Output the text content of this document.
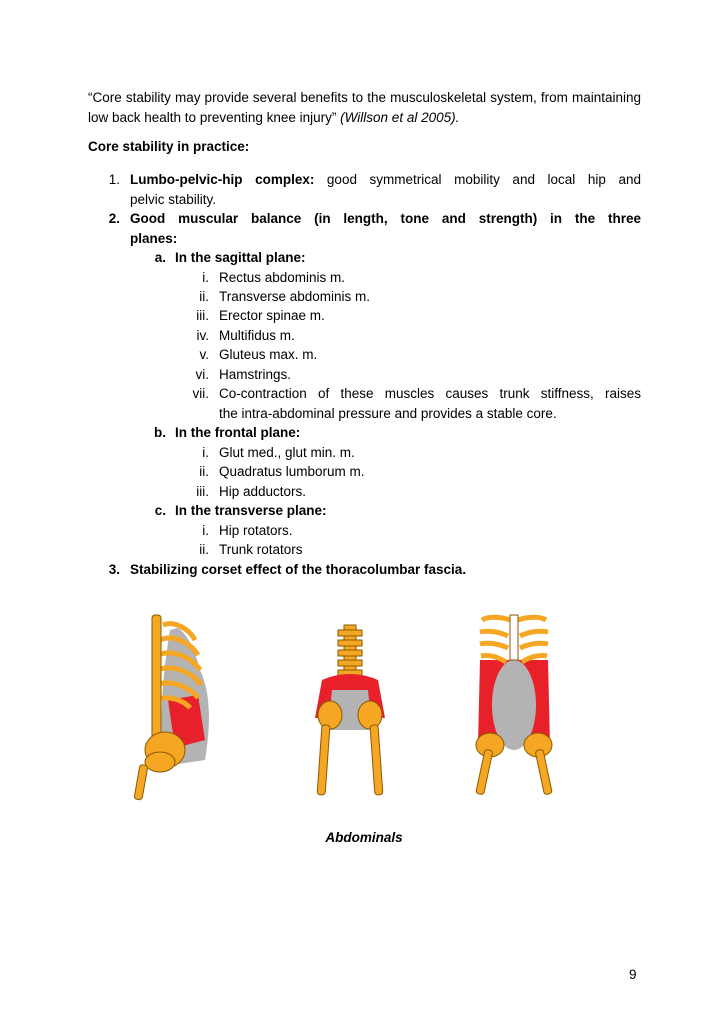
“Core stability may provide several benefits to the musculoskeletal system, from maintaining low back health to preventing knee injury” (Willson et al 2005).

Core stability in practice:
1. Lumbo-pelvic-hip complex: good symmetrical mobility and local hip and
pelvic stability.
2. Good muscular balance (in length, tone and strength) in the three
planes:
a. In the sagittal plane:
i. Rectus abdominis m.
ii. Transverse abdominis m.
iii. Erector spinae m.
iv. Multifidus m.
v. Gluteus max. m.
vi. Hamstrings.
vii. Co-contraction of these muscles causes trunk stiffness, raises
the intra-abdominal pressure and provides a stable core.
b. In the frontal plane:
i. Glut med., glut min. m.
ii. Quadratus lumborum m.
iii. Hip adductors.
c. In the transverse plane:
i. Hip rotators.
ii. Trunk rotators
3. Stabilizing corset effect of the thoracolumbar fascia.
Abdominals
9
